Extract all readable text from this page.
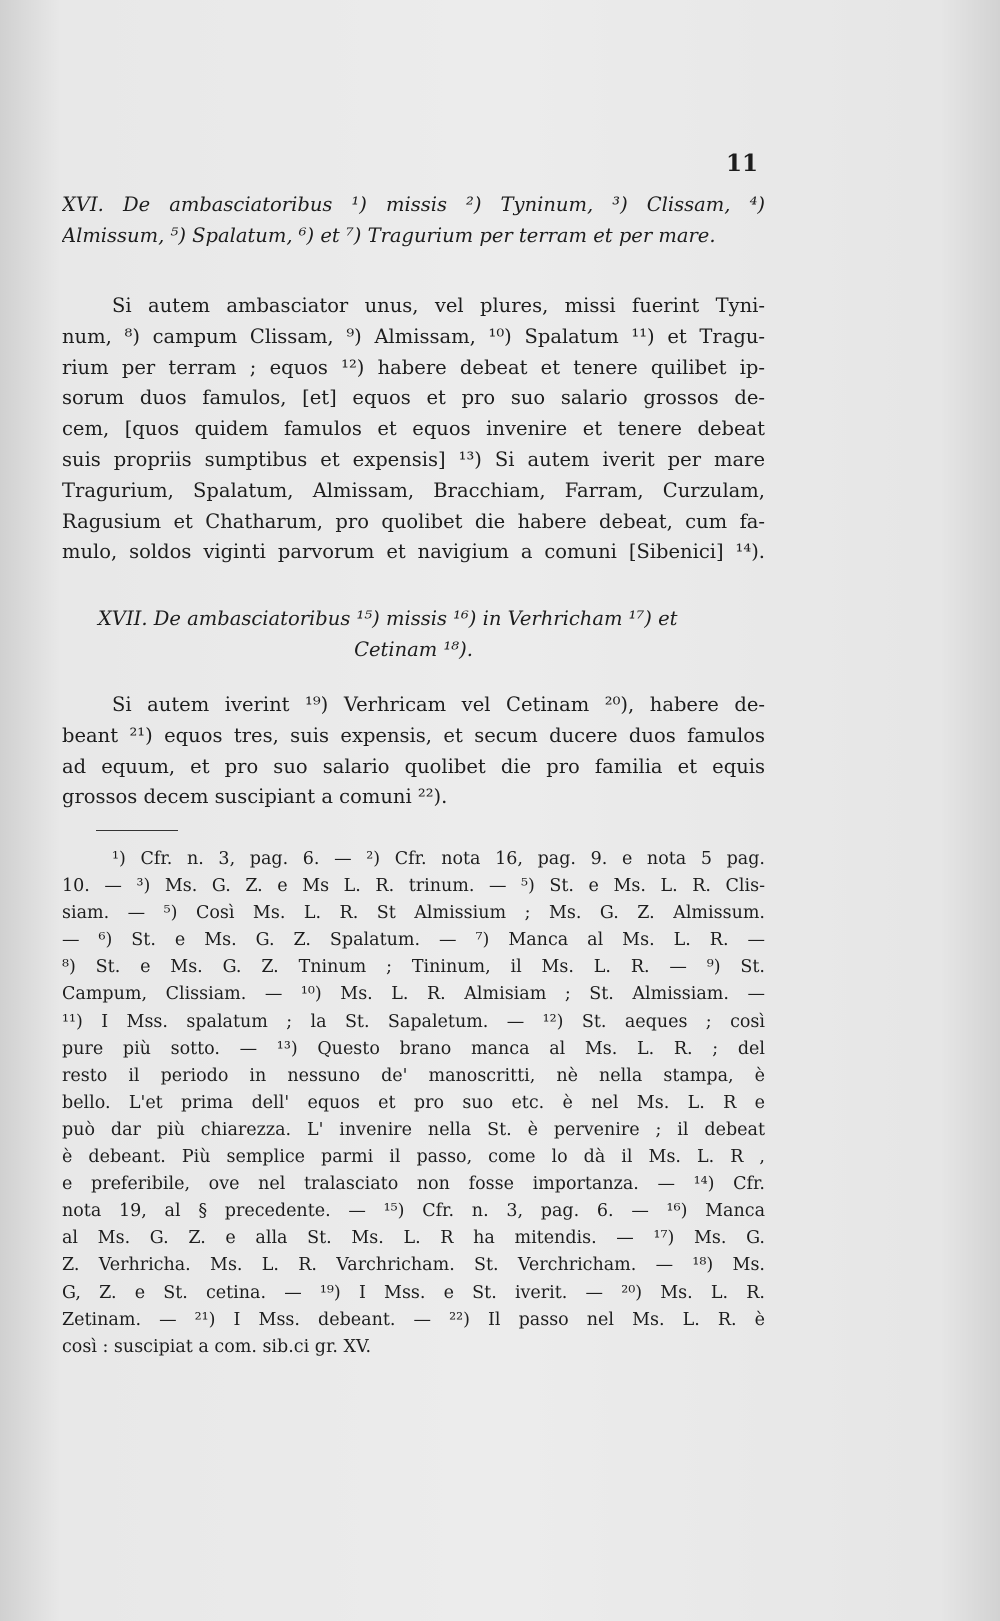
11
XVI. De ambasciatoribus ¹) missis ²) Tyninum, ³) Clissam, ⁴)
Almissum, ⁵) Spalatum, ⁶) et ⁷) Tragurium per terram et per mare.
Si autem ambasciator unus, vel plures, missi fuerint Tyni-
num, ⁸) campum Clissam, ⁹) Almissam, ¹⁰) Spalatum ¹¹) et Tragu-
rium per terram ; equos ¹²) habere debeat et tenere quilibet ip-
sorum duos famulos, [et] equos et pro suo salario grossos de-
cem, [quos quidem famulos et equos invenire et tenere debeat
suis propriis sumptibus et expensis] ¹³) Si autem iverit per mare
Tragurium, Spalatum, Almissam, Bracchiam, Farram, Curzulam,
Ragusium et Chatharum, pro quolibet die habere debeat, cum fa-
mulo, soldos viginti parvorum et navigium a comuni [Sibenici] ¹⁴).
XVII. De ambasciatoribus ¹⁵) missis ¹⁶) in Verhricham ¹⁷) et
Cetinam ¹⁸).
Si autem iverint ¹⁹) Verhricam vel Cetinam ²⁰), habere de-
beant ²¹) equos tres, suis expensis, et secum ducere duos famulos
ad equum, et pro suo salario quolibet die pro familia et equis
grossos decem suscipiant a comuni ²²).
¹) Cfr. n. 3, pag. 6. — ²) Cfr. nota 16, pag. 9. e nota 5 pag.
10. — ³) Ms. G. Z. e Ms L. R. trinum. — ⁵) St. e Ms. L. R. Clis-
siam. — ⁵) Così Ms. L. R. St Almissium ; Ms. G. Z. Almissum.
— ⁶) St. e Ms. G. Z. Spalatum. — ⁷) Manca al Ms. L. R. —
⁸) St. e Ms. G. Z. Tninum ; Tininum, il Ms. L. R. — ⁹) St.
Campum, Clissiam. — ¹⁰) Ms. L. R. Almisiam ; St. Almissiam. —
¹¹) I Mss. spalatum ; la St. Sapaletum. — ¹²) St. aeques ; così
pure più sotto. — ¹³) Questo brano manca al Ms. L. R. ; del
resto il periodo in nessuno de' manoscritti, nè nella stampa, è
bello. L'et prima dell' equos et pro suo etc. è nel Ms. L. R e
può dar più chiarezza. L' invenire nella St. è pervenire ; il debeat
è debeant. Più semplice parmi il passo, come lo dà il Ms. L. R ,
e preferibile, ove nel tralasciato non fosse importanza. — ¹⁴) Cfr.
nota 19, al § precedente. — ¹⁵) Cfr. n. 3, pag. 6. — ¹⁶) Manca
al Ms. G. Z. e alla St. Ms. L. R ha mitendis. — ¹⁷) Ms. G.
Z. Verhricha. Ms. L. R. Varchricham. St. Verchricham. — ¹⁸) Ms.
G, Z. e St. cetina. — ¹⁹) I Mss. e St. iverit. — ²⁰) Ms. L. R.
Zetinam. — ²¹) I Mss. debeant. — ²²) Il passo nel Ms. L. R. è
così : suscipiat a com. sib.ci gr. XV.
